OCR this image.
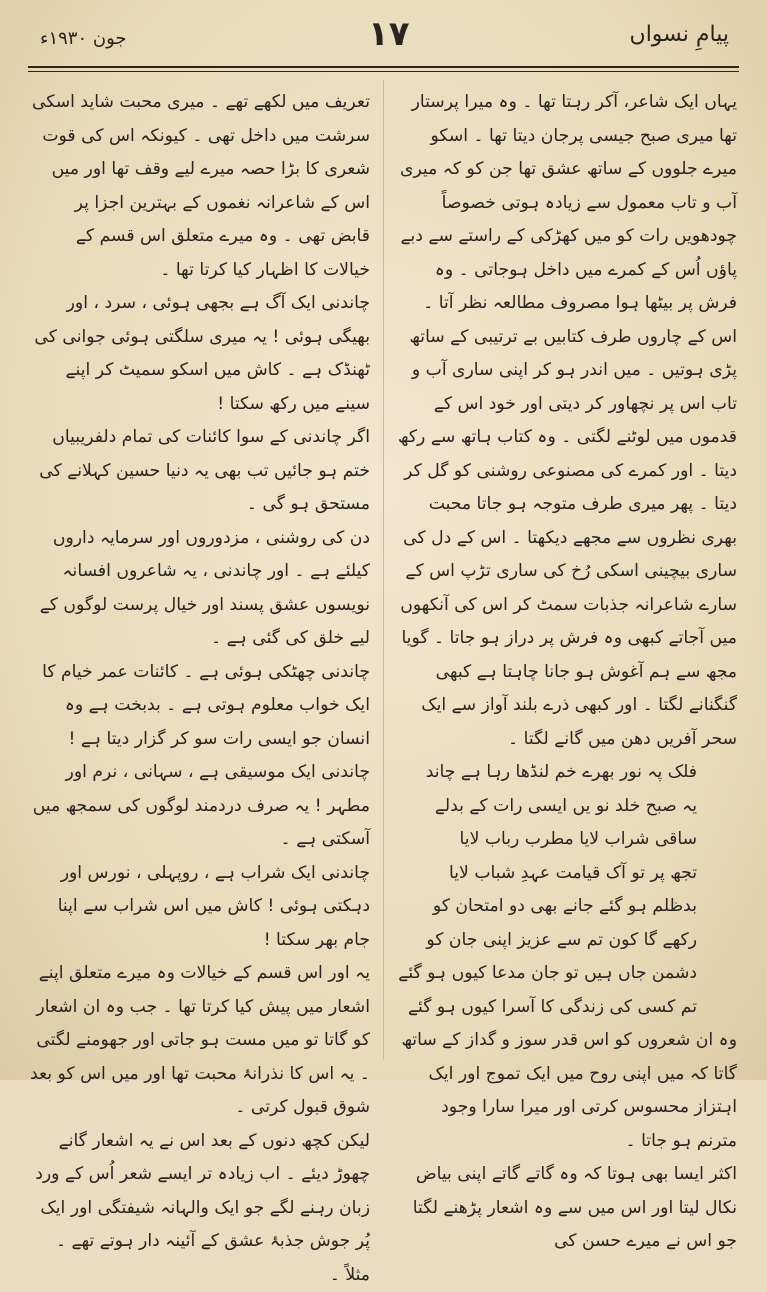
پیامِ نسواں
١٧
جون ۱۹۳۰ء

یہاں ایک شاعر، آکر رہتا تھا ۔ وہ میرا پرستار تھا میری صبح جیسی پرجان دیتا تھا ۔ اسکو میرے جلووں کے ساتھ عشق تھا جن کو کہ میری آب و تاب معمول سے زیادہ ہوتی خصوصاً چودھویں رات کو میں کھڑکی کے راستے سے دبے پاؤں اُس کے کمرے میں داخل ہوجاتی ۔ وہ فرش پر بیٹھا ہوا مصروف مطالعہ نظر آتا ۔ اس کے چاروں طرف کتابیں بے ترتیبی کے ساتھ پڑی ہوتیں ۔ میں اندر ہو کر اپنی ساری آب و تاب اس پر نچھاور کر دیتی اور خود اس کے قدموں میں لوٹنے لگتی ۔ وہ کتاب ہاتھ سے رکھ دیتا ۔ اور کمرے کی مصنوعی روشنی کو گل کر دیتا ۔ پھر میری طرف متوجہ ہو جاتا محبت بھری نظروں سے مجھے دیکھتا ۔ اس کے دل کی ساری بیچینی اسکی رُخ کی ساری تڑپ اس کے سارے شاعرانہ جذبات سمٹ کر اس کی آنکھوں میں آجاتے کبھی وہ فرش پر دراز ہو جاتا ۔ گویا مجھ سے ہم آغوش ہو جانا چاہتا ہے کبھی گنگنانے لگتا ۔ اور کبھی ذرے بلند آواز سے ایک سحر آفریں دھن میں گانے لگتا ۔

فلک پہ نور بھرے خم لنڈھا رہا ہے چاند

یہ صبح خلد نو یں ایسی رات کے بدلے

ساقی شراب لایا مطرب رباب لایا

تجھ پر تو آک قیامت عہدِ شباب لایا

بدظلم ہو گئے جانے بھی دو امتحان کو

رکھے گا کون تم سے عزیز اپنی جان کو

دشمن جاں ہیں تو جان مدعا کیوں ہو گئے

تم کسی کی زندگی کا آسرا کیوں ہو گئے

وہ ان شعروں کو اس قدر سوز و گداز کے ساتھ گاتا کہ میں اپنی روح میں ایک تموج اور ایک اہتزاز محسوس کرتی اور میرا سارا وجود مترنم ہو جاتا ۔

اکثر ایسا بھی ہوتا کہ وہ گاتے گاتے اپنی بیاض نکال لیتا اور اس میں سے وہ اشعار پڑھنے لگتا جو اس نے میرے حسن کی

تعریف میں لکھے تھے ۔ میری محبت شاید اسکی سرشت میں داخل تھی ۔ کیونکہ اس کی قوت شعری کا بڑا حصہ میرے لیے وقف تھا اور میں اس کے شاعرانہ نغموں کے بہترین اجزا پر قابض تھی ۔ وہ میرے متعلق اس قسم کے خیالات کا اظہار کیا کرتا تھا ۔

چاندنی ایک آگ ہے بجھی ہوئی ، سرد ، اور بھیگی ہوئی ! یہ میری سلگتی ہوئی جوانی کی ٹھنڈک ہے ۔ کاش میں اسکو سمیٹ کر اپنے سینے میں رکھ سکتا !

اگر چاندنی کے سوا کائنات کی تمام دلفریبیاں ختم ہو جائیں تب بھی یہ دنیا حسین کہلانے کی مستحق ہو گی ۔

دن کی روشنی ، مزدوروں اور سرمایہ داروں کیلئے ہے ۔ اور چاندنی ، یہ شاعروں افسانہ نویسوں عشق پسند اور خیال پرست لوگوں کے لیے خلق کی گئی ہے ۔

چاندنی چھٹکی ہوئی ہے ۔ کائنات عمر خیام کا ایک خواب معلوم ہوتی ہے ۔ بدبخت ہے وہ انسان جو ایسی رات سو کر گزار دیتا ہے !

چاندنی ایک موسیقی ہے ، سہانی ، نرم اور مطہر ! یہ صرف دردمند لوگوں کی سمجھ میں آسکتی ہے ۔

چاندنی ایک شراب ہے ، روپہلی ، نورس اور دہکتی ہوئی ! کاش میں اس شراب سے اپنا جام بھر سکتا !

یہ اور اس قسم کے خیالات وہ میرے متعلق اپنے اشعار میں پیش کیا کرتا تھا ۔ جب وہ ان اشعار کو گاتا تو میں مست ہو جاتی اور جھومنے لگتی ۔ یہ اس کا نذرانۂ محبت تھا اور میں اس کو بعد شوق قبول کرتی ۔

لیکن کچھ دنوں کے بعد اس نے یہ اشعار گانے چھوڑ دیئے ۔ اب زیادہ تر ایسے شعر اُس کے ورد زبان رہنے لگے جو ایک والہانہ شیفتگی اور ایک پُر جوش جذبۂ عشق کے آئینہ دار ہوتے تھے ۔ مثلاً ۔
